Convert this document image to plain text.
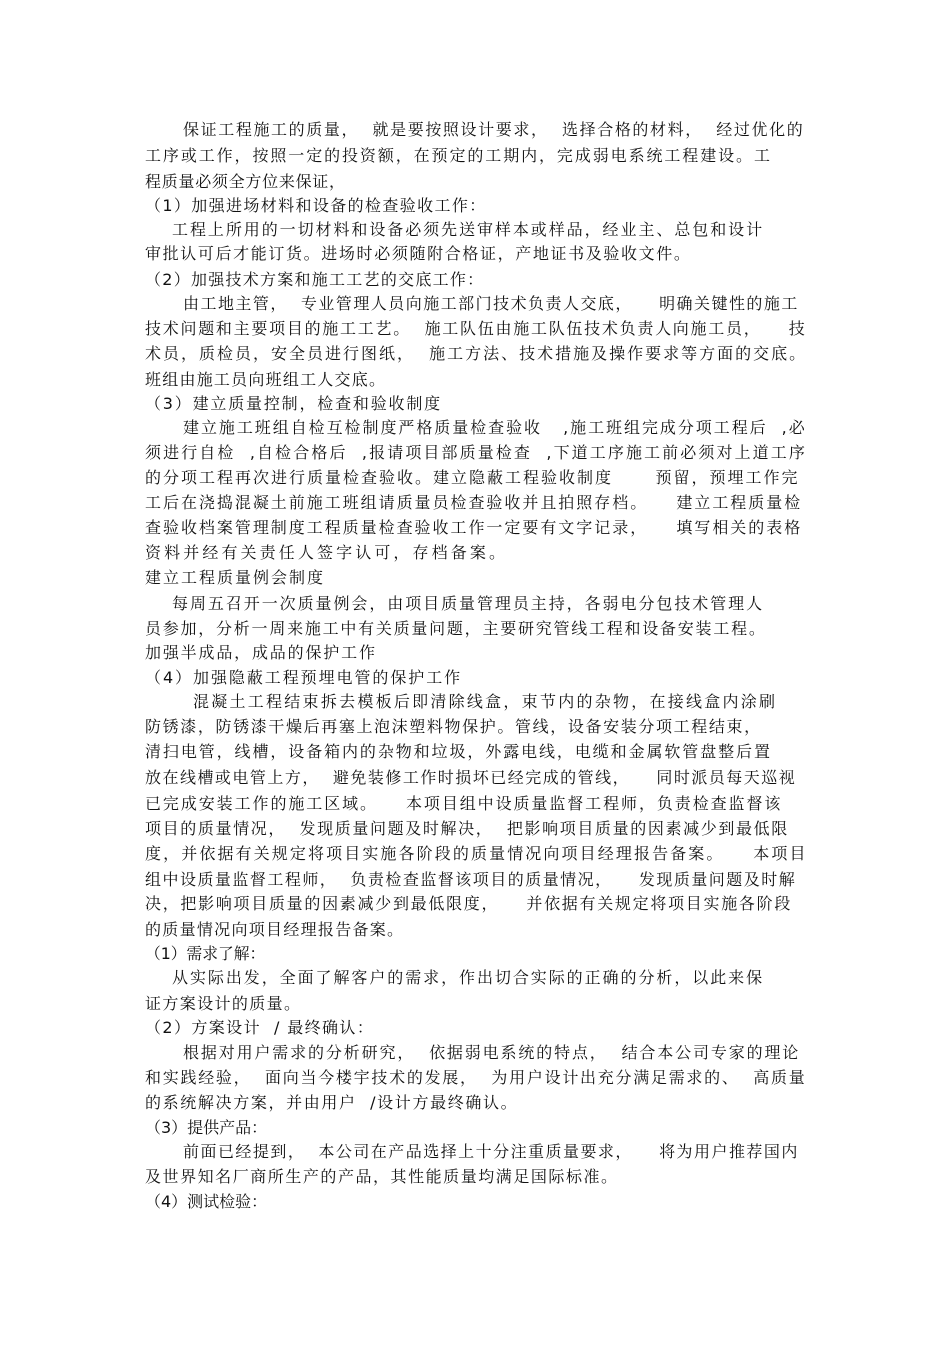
保证工程施工的质量，  就是要按照设计要求，  选择合格的材料，  经过优化的
工序或工作，按照一定的投资额，在预定的工期内，完成弱电系统工程建设。工
程质量必须全方位来保证，
（1）加强进场材料和设备的检查验收工作：
工程上所用的一切材料和设备必须先送审样本或样品，经业主、总包和设计
审批认可后才能订货。进场时必须随附合格证，产地证书及验收文件。
（2）加强技术方案和施工工艺的交底工作：
由工地主管，  专业管理人员向施工部门技术负责人交底，    明确关键性的施工
技术问题和主要项目的施工工艺。  施工队伍由施工队伍技术负责人向施工员，    技
术员，质检员，安全员进行图纸，  施工方法、技术措施及操作要求等方面的交底。
班组由施工员向班组工人交底。
（3）建立质量控制，检查和验收制度
建立施工班组自检互检制度严格质量检查验收   ,施工班组完成分项工程后  ,必
须进行自检  ,自检合格后  ,报请项目部质量检查  ,下道工序施工前必须对上道工序
的分项工程再次进行质量检查验收。建立隐蔽工程验收制度      预留，预埋工作完
工后在浇捣混凝土前施工班组请质量员检查验收并且拍照存档。    建立工程质量检
查验收档案管理制度工程质量检查验收工作一定要有文字记录，    填写相关的表格
资料并经有关责任人签字认可，存档备案。
建立工程质量例会制度
每周五召开一次质量例会，由项目质量管理员主持，各弱电分包技术管理人
员参加，分析一周来施工中有关质量问题，主要研究管线工程和设备安装工程。
加强半成品，成品的保护工作
（4）加强隐蔽工程预埋电管的保护工作
混凝土工程结束拆去模板后即清除线盒，束节内的杂物，在接线盒内涂刷
防锈漆，防锈漆干燥后再塞上泡沫塑料物保护。管线，设备安装分项工程结束，
清扫电管，线槽，设备箱内的杂物和垃圾，外露电线，电缆和金属软管盘整后置
放在线槽或电管上方，  避免装修工作时损坏已经完成的管线，    同时派员每天巡视
已完成安装工作的施工区域。    本项目组中设质量监督工程师，负责检查监督该
项目的质量情况，  发现质量问题及时解决，  把影响项目质量的因素减少到最低限
度，并依据有关规定将项目实施各阶段的质量情况向项目经理报告备案。    本项目
组中设质量监督工程师，  负责检查监督该项目的质量情况，    发现质量问题及时解
决，把影响项目质量的因素减少到最低限度，    并依据有关规定将项目实施各阶段
的质量情况向项目经理报告备案。
（1）需求了解：
从实际出发，全面了解客户的需求，作出切合实际的正确的分析，以此来保
证方案设计的质量。
（2）方案设计  / 最终确认：
根据对用户需求的分析研究，  依据弱电系统的特点，  结合本公司专家的理论
和实践经验，  面向当今楼宇技术的发展，  为用户设计出充分满足需求的、  高质量
的系统解决方案，并由用户  /设计方最终确认。
（3）提供产品：
前面已经提到，  本公司在产品选择上十分注重质量要求，    将为用户推荐国内
及世界知名厂商所生产的产品，其性能质量均满足国际标准。
（4）测试检验：
